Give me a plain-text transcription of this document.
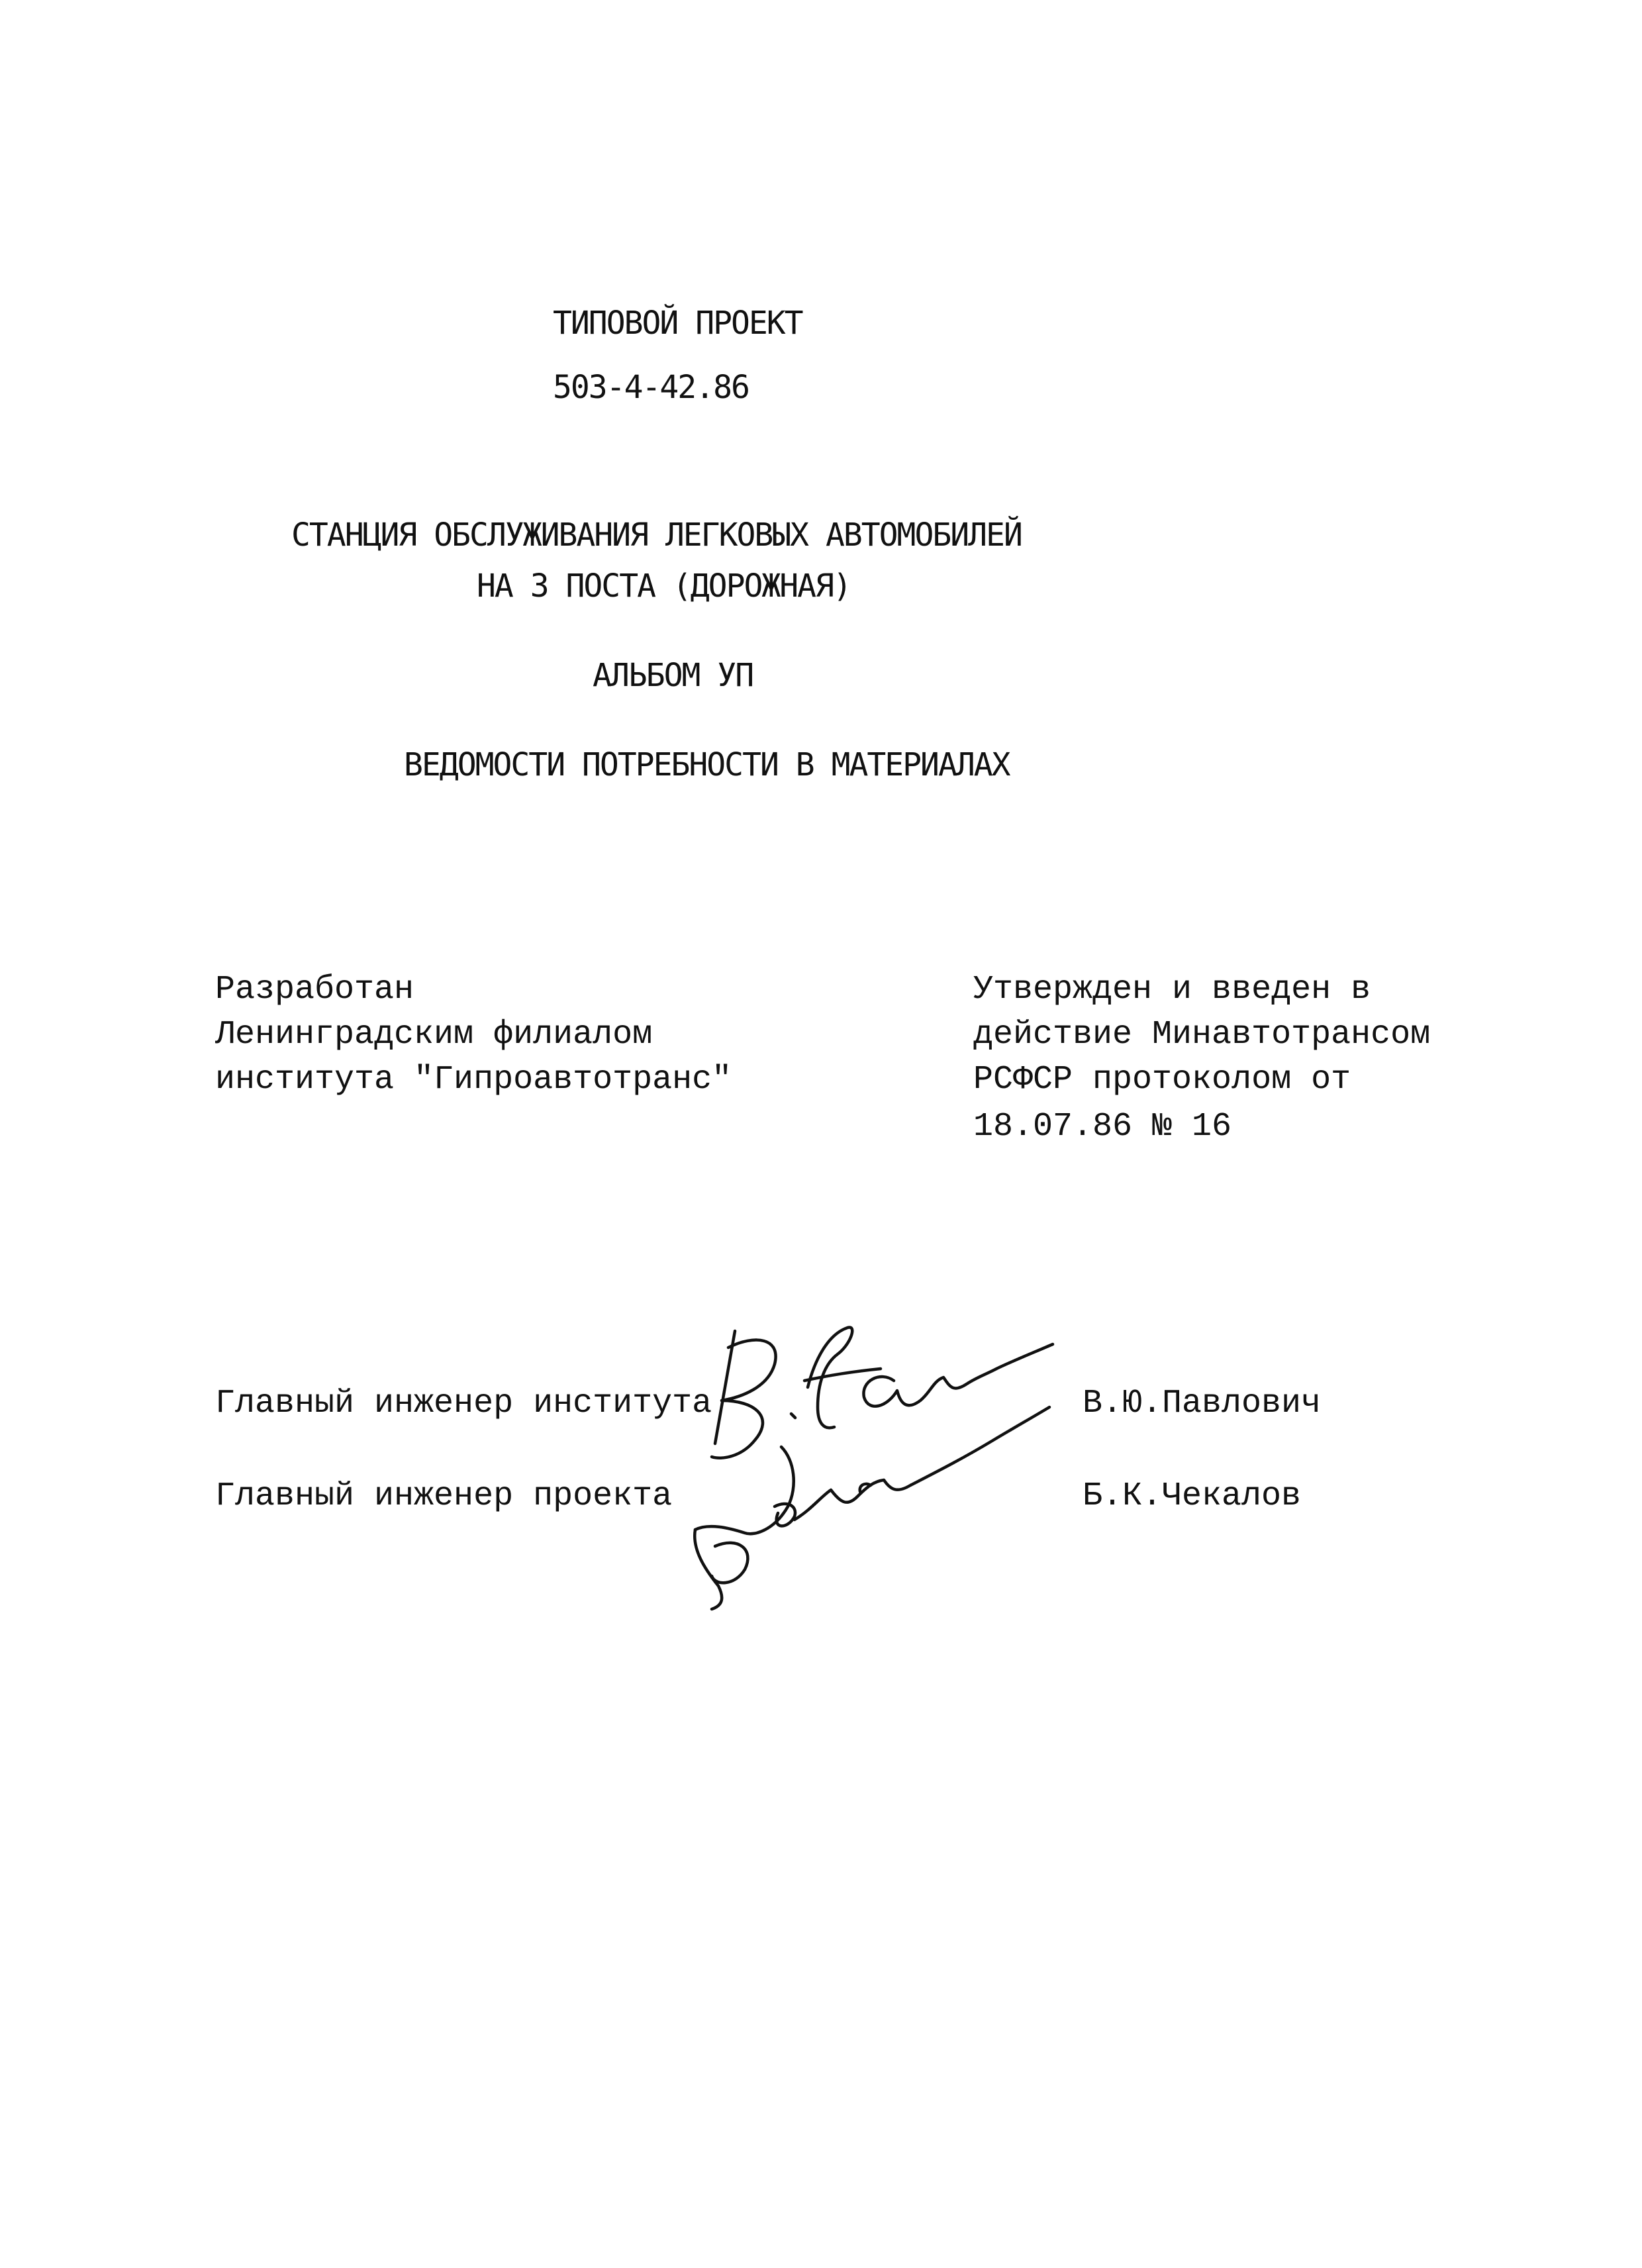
ТИПОВОЙ ПРОЕКТ
503-4-42.86
СТАНЦИЯ ОБСЛУЖИВАНИЯ ЛЕГКОВЫХ АВТОМОБИЛЕЙ
НА 3 ПОСТА (ДОРОЖНАЯ)
АЛЬБОМ УП
ВЕДОМОСТИ ПОТРЕБНОСТИ В МАТЕРИАЛАХ
Разработан
Ленинградским филиалом
института "Гипроавтотранс"
Утвержден и введен в
действие Минавтотрансом
РСФСР протоколом от
18.07.86 № 16
Главный инженер института	В.Ю.Павлович
Главный инженер проекта	Б.К.Чекалов
